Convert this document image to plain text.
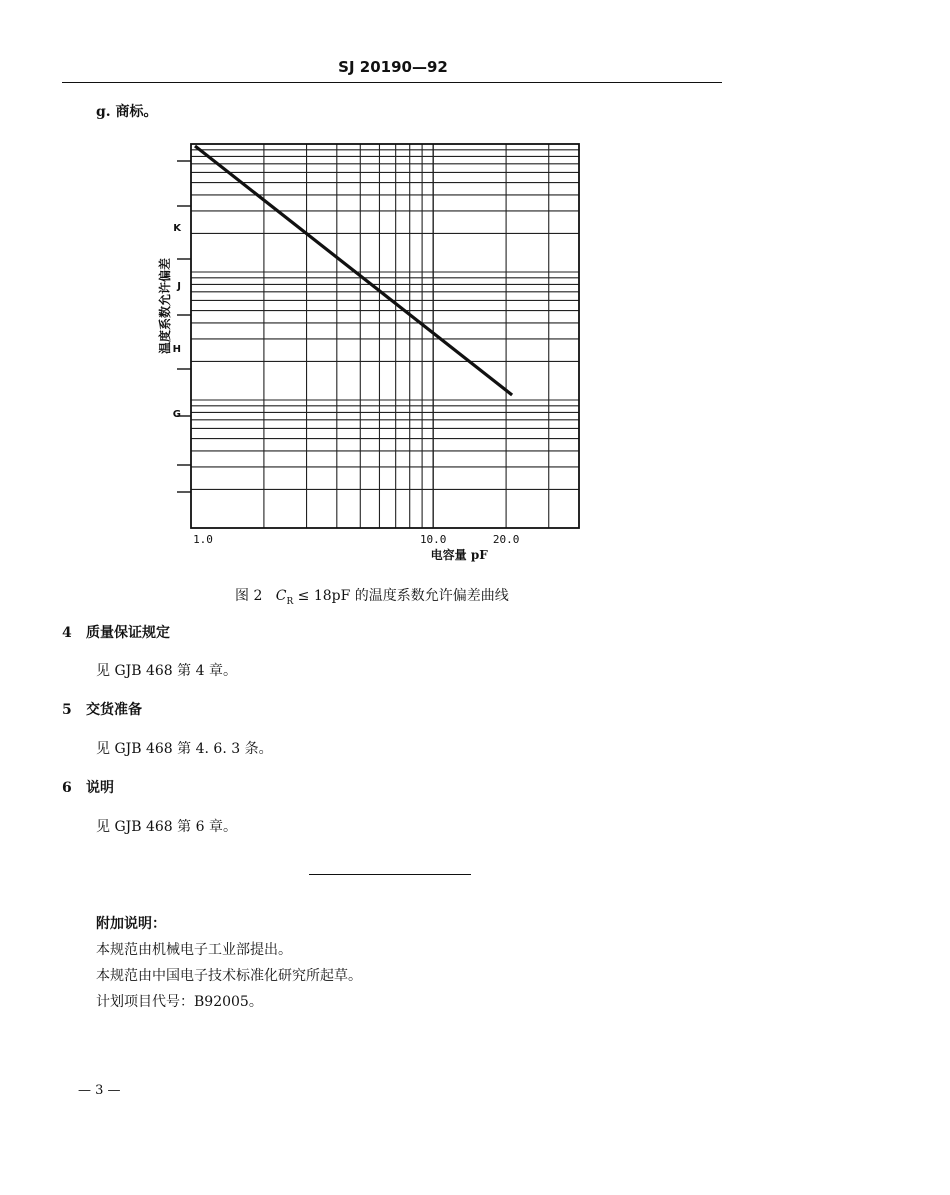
SJ 20190—92
g. 商标。
K
J
H
G
1.0	10.0	20.0
电容量 pF
温度系数允许偏差
图 2 $C_R \le 18pF$ 的温度系数允许偏差曲线
4 质量保证规定
见 GJB 468 第 4 章。
5 交货准备
见 GJB 468 第 4. 6. 3 条。
6 说明
见 GJB 468 第 6 章。
附加说明：
本规范由机械电子工业部提出。
本规范由中国电子技术标准化研究所起草。
计划项目代号：B92005。
— 3 —
